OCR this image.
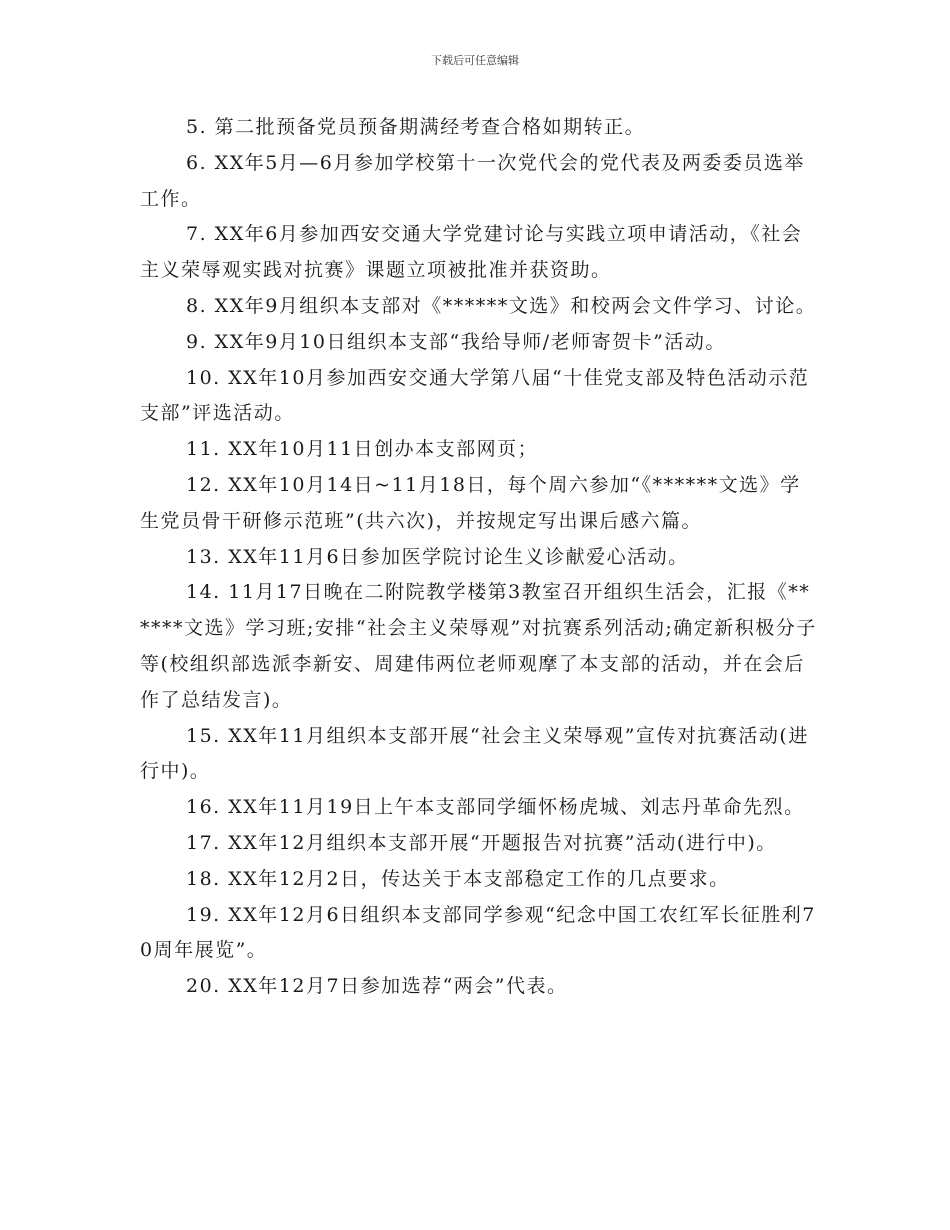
下载后可任意编辑

5. 第二批预备党员预备期满经考查合格如期转正。

6. XX年5月—6月参加学校第十一次党代会的党代表及两委委员选举工作。

7. XX年6月参加西安交通大学党建讨论与实践立项申请活动，《社会主义荣辱观实践对抗赛》课题立项被批准并获资助。

8. XX年9月组织本支部对《******文选》和校两会文件学习、讨论。

9. XX年9月10日组织本支部“我给导师/老师寄贺卡”活动。

10. XX年10月参加西安交通大学第八届“十佳党支部及特色活动示范支部”评选活动。

11. XX年10月11日创办本支部网页；

12. XX年10月14日~11月18日，每个周六参加“《******文选》学生党员骨干研修示范班”(共六次)，并按规定写出课后感六篇。

13. XX年11月6日参加医学院讨论生义诊献爱心活动。

14. 11月17日晚在二附院教学楼第3教室召开组织生活会，汇报《******文选》学习班;安排“社会主义荣辱观”对抗赛系列活动;确定新积极分子等(校组织部选派李新安、周建伟两位老师观摩了本支部的活动，并在会后作了总结发言)。

15. XX年11月组织本支部开展“社会主义荣辱观”宣传对抗赛活动(进行中)。

16. XX年11月19日上午本支部同学缅怀杨虎城、刘志丹革命先烈。

17. XX年12月组织本支部开展“开题报告对抗赛”活动(进行中)。

18. XX年12月2日，传达关于本支部稳定工作的几点要求。

19. XX年12月6日组织本支部同学参观“纪念中国工农红军长征胜利70周年展览”。

20. XX年12月7日参加选荐“两会”代表。
